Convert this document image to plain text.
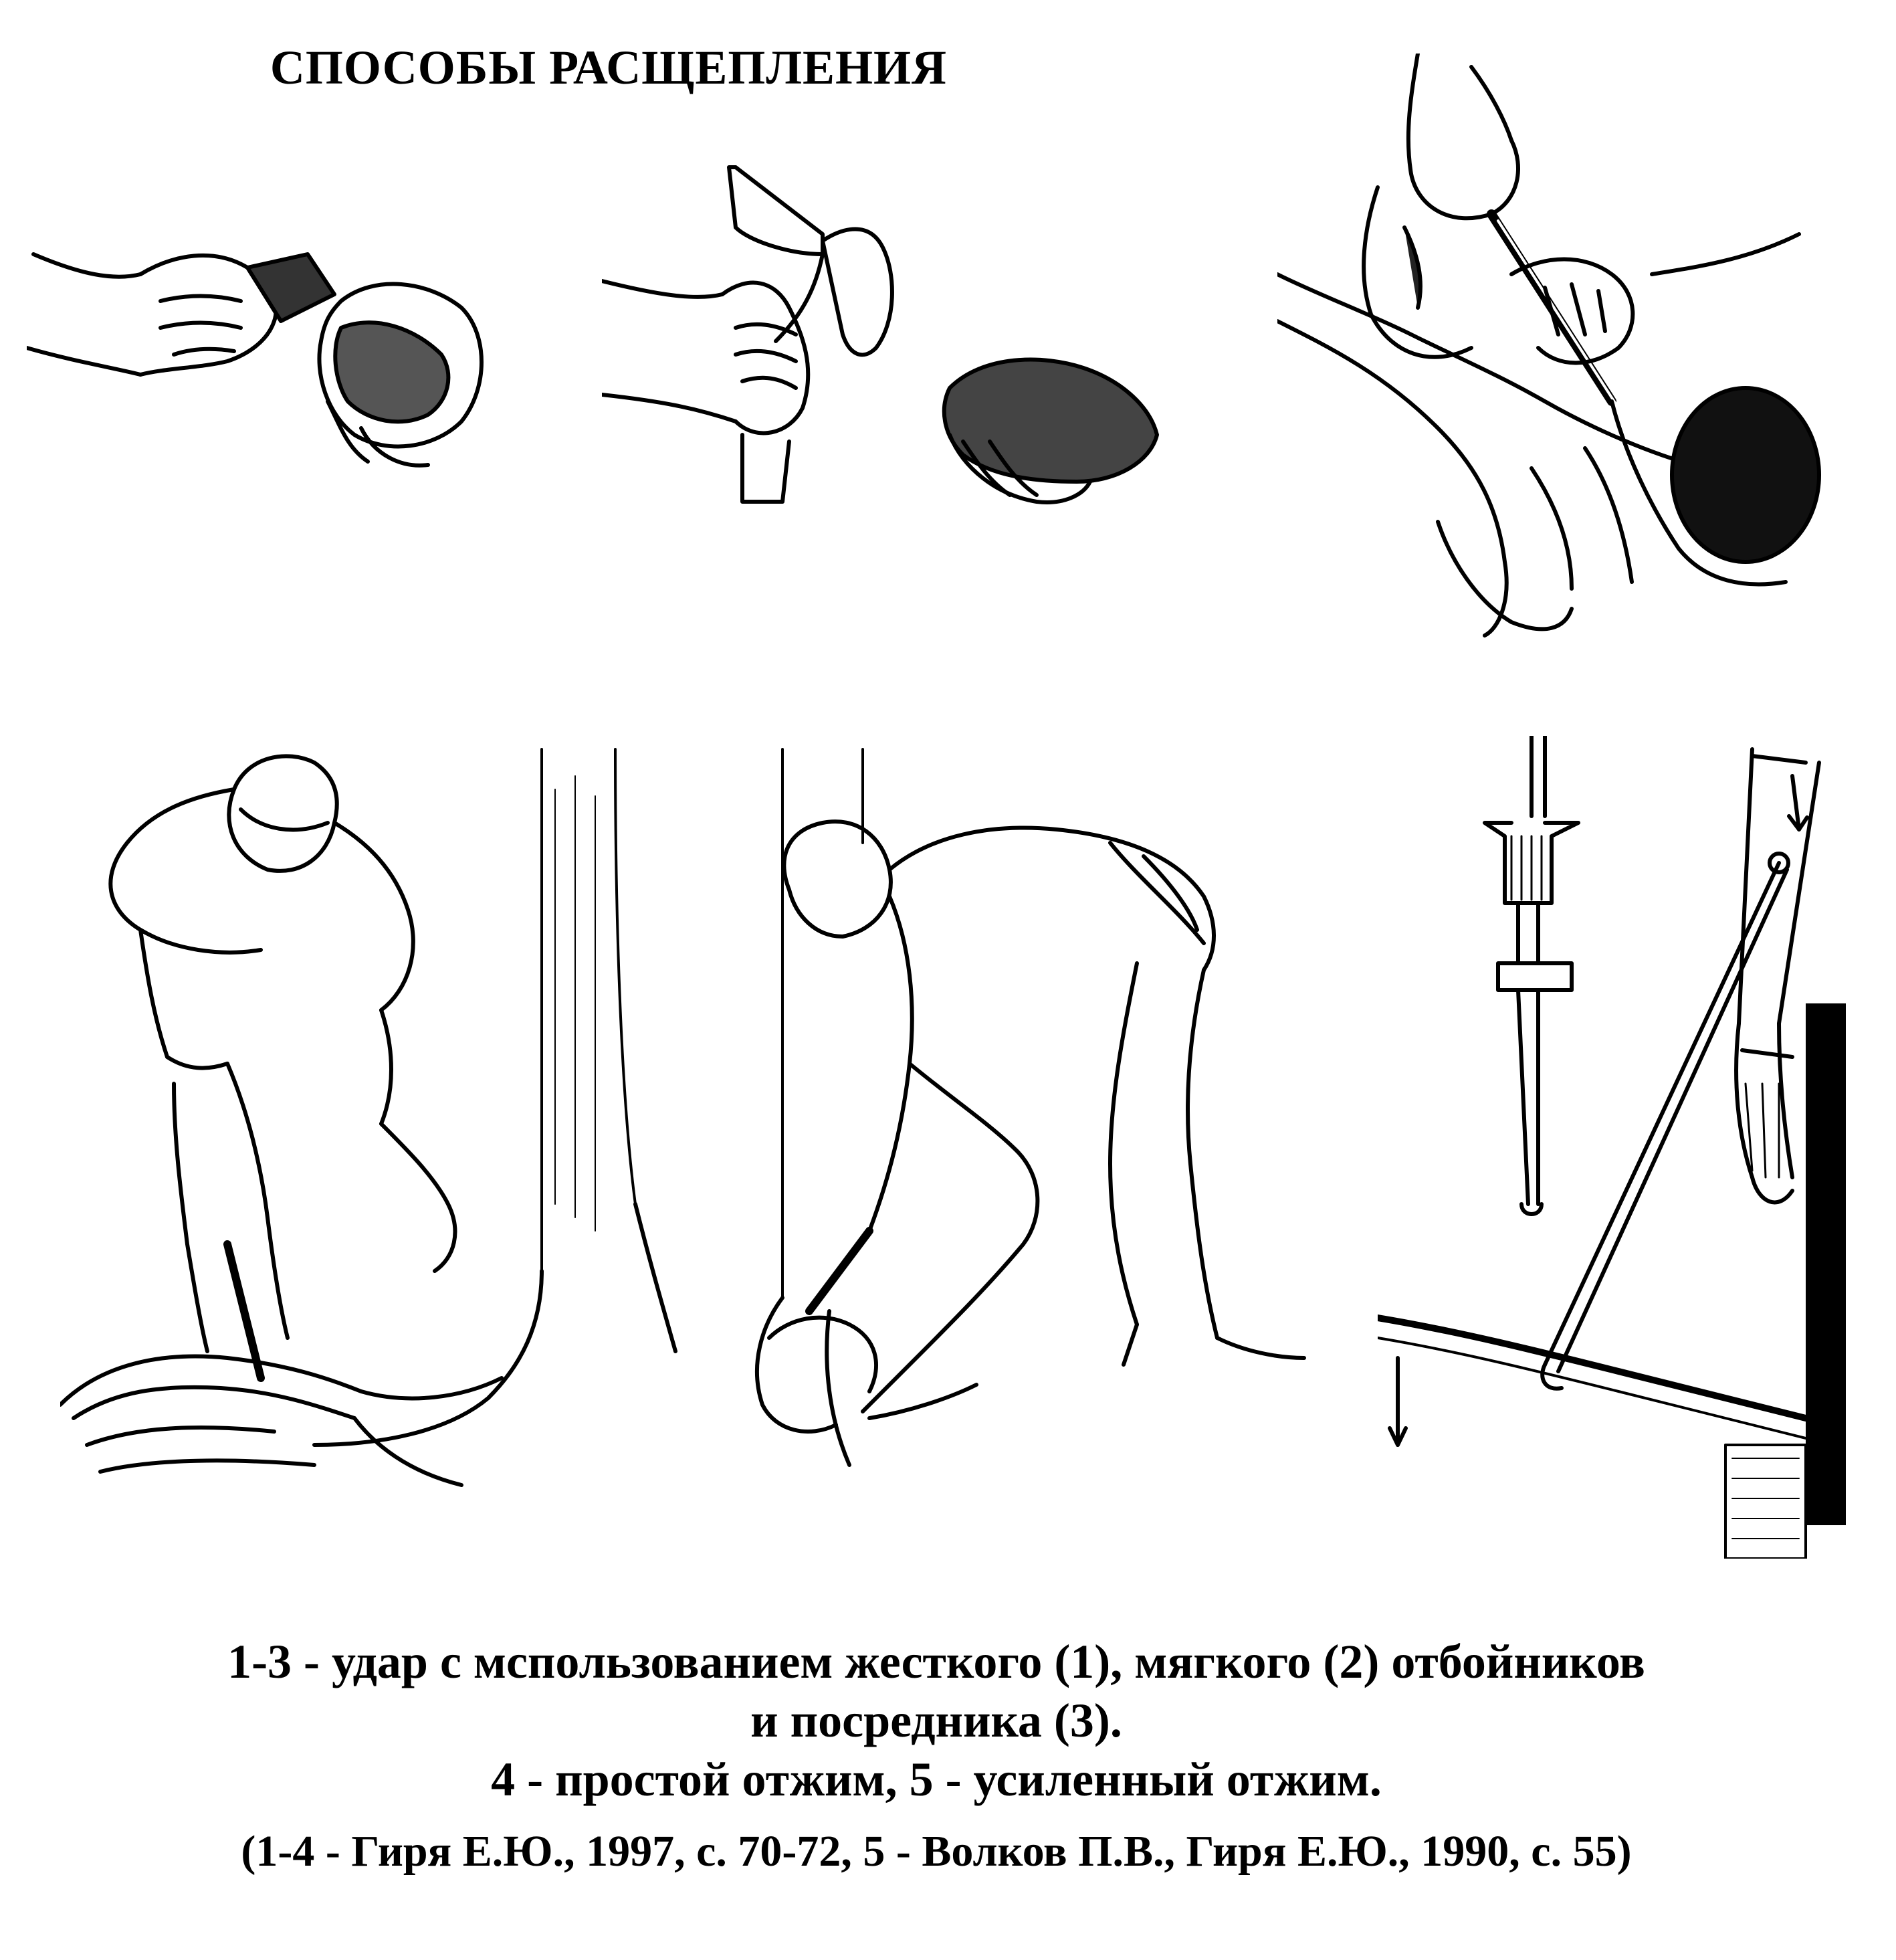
СПОСОБЫ РАСЩЕПЛЕНИЯ
1-3 - удар с мспользованием жесткого (1), мягкого (2) отбойников
и посредника (3).
4 - простой отжим, 5 - усиленный отжим.
(1-4 - Гиря Е.Ю., 1997, с. 70-72, 5 - Волков П.В., Гиря Е.Ю., 1990, с. 55)
